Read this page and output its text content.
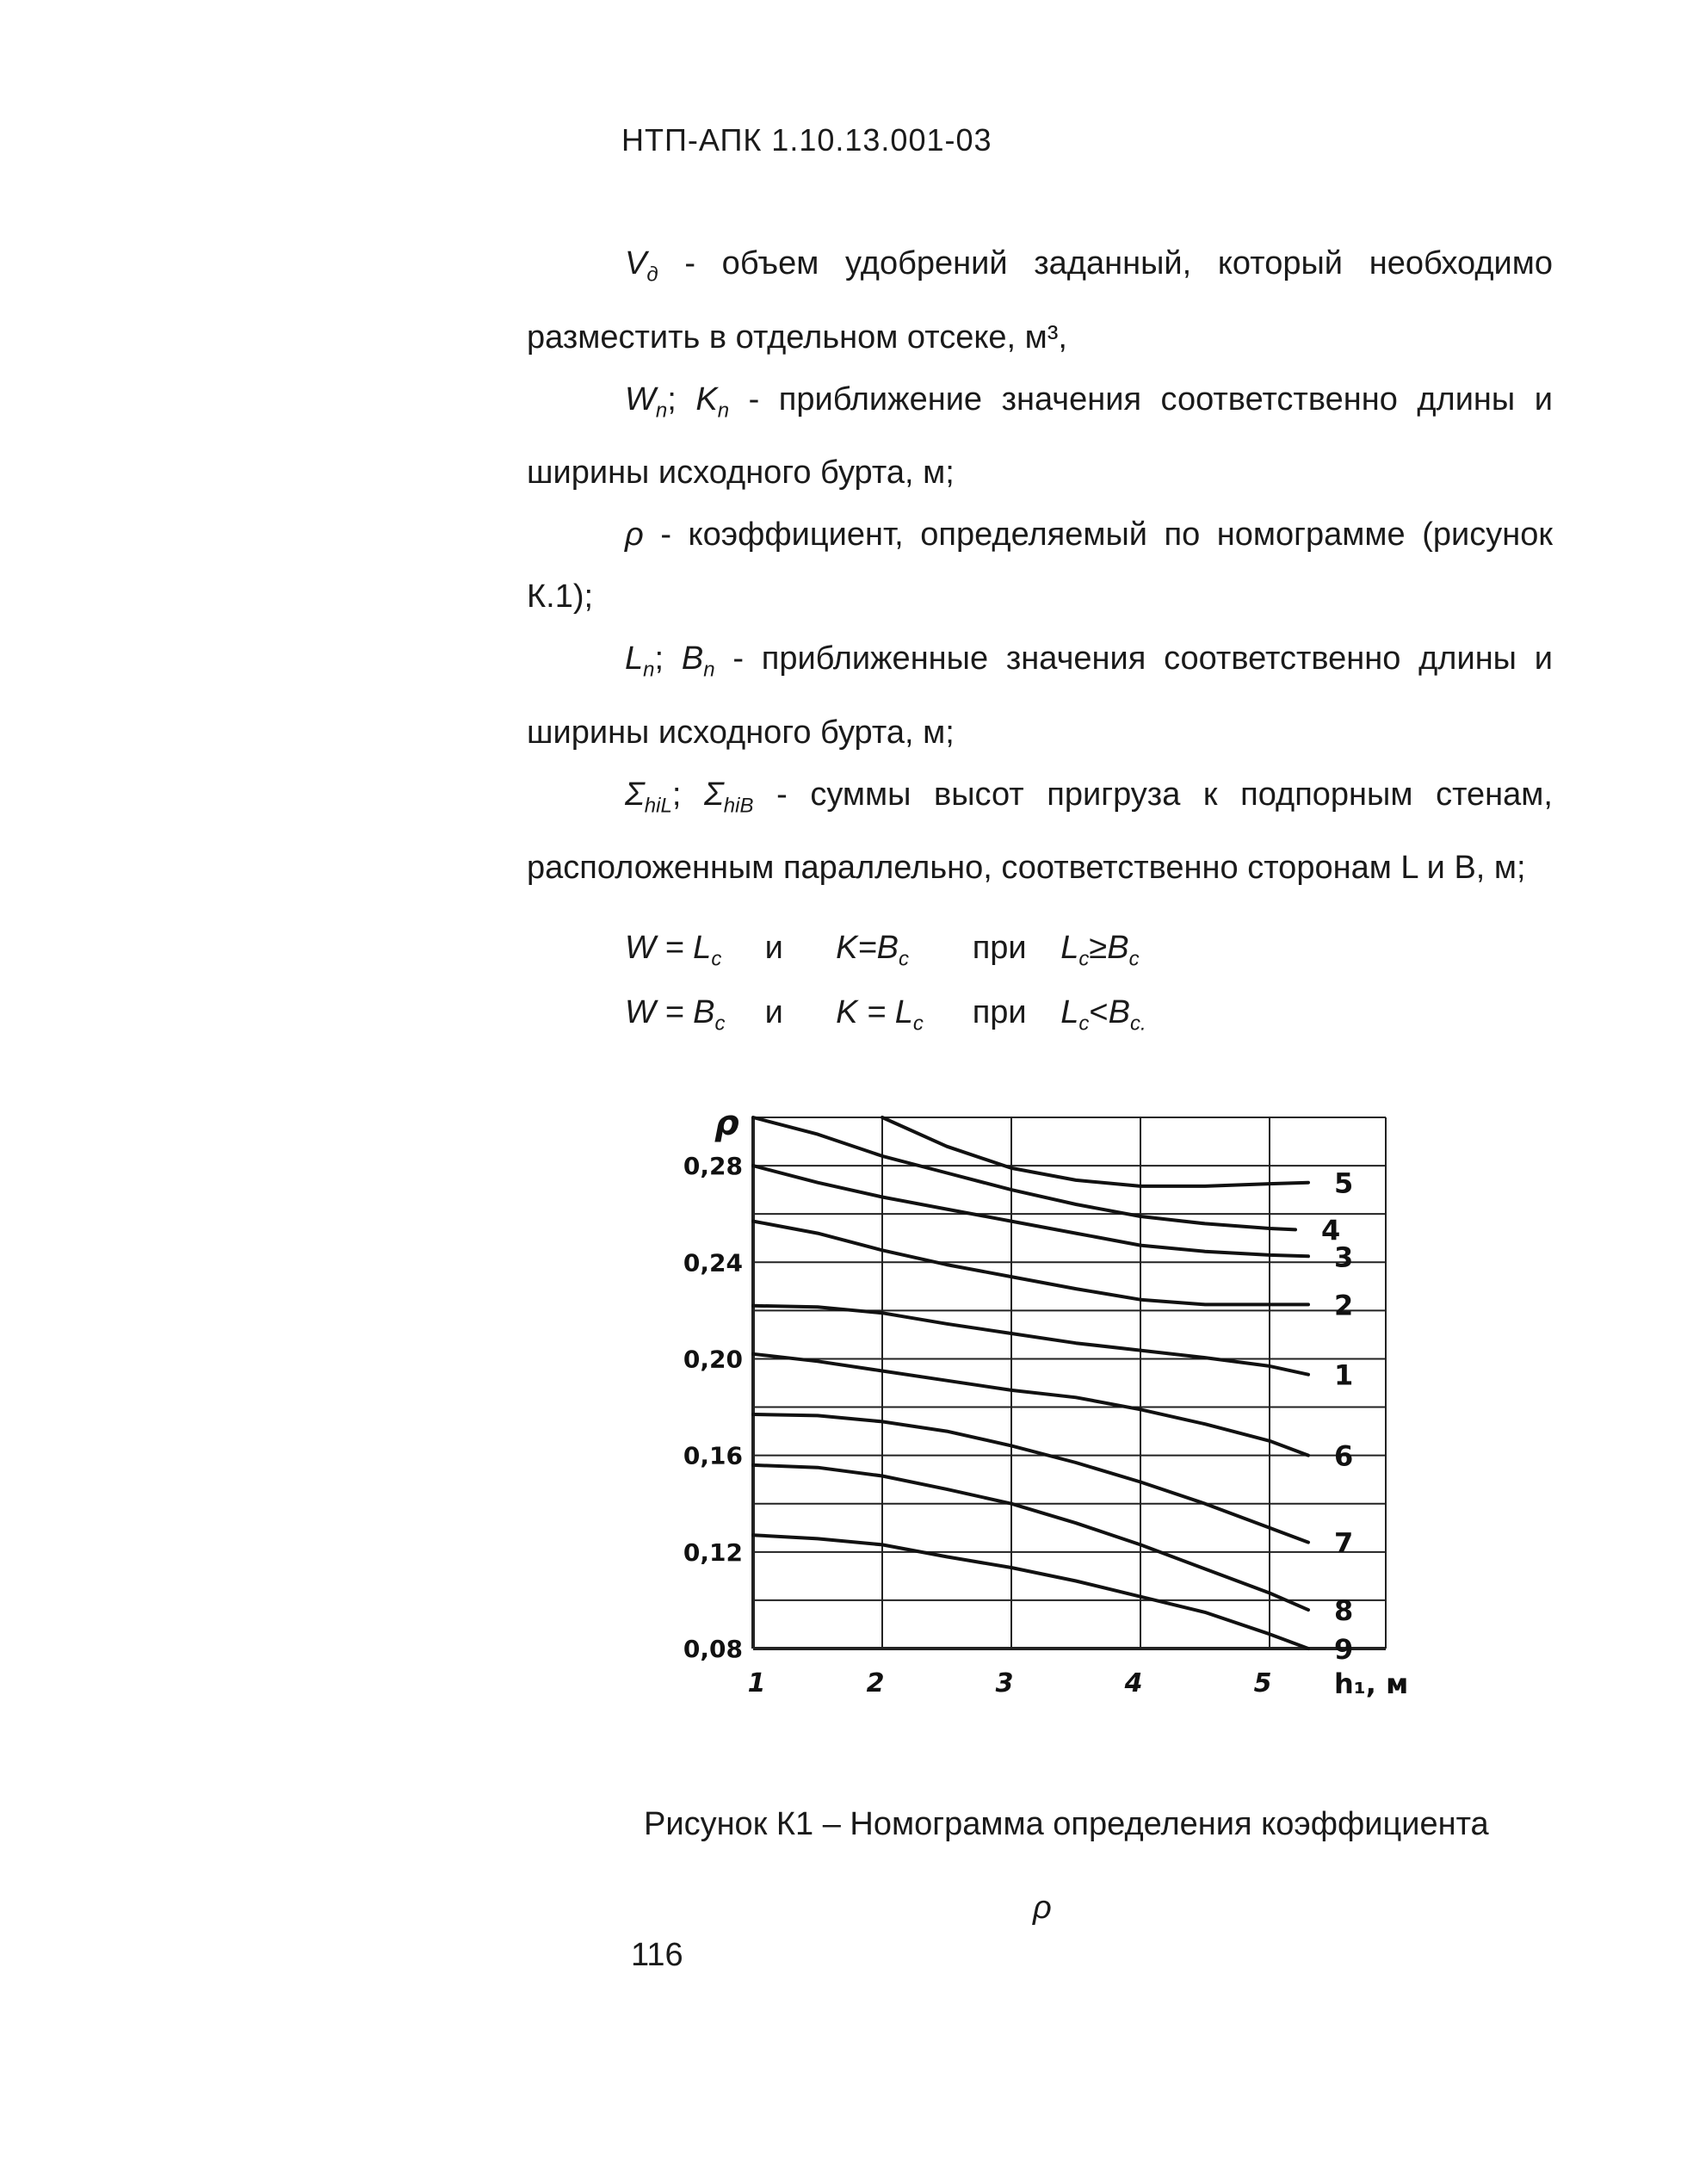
НТП-АПК 1.10.13.001-03

$V_д$ - объем удобрений заданный, который необходимо разместить в отдельном отсеке, м³,

$W_n$; $K_n$ - приближение значения соответственно длины и ширины исходного бурта, м;

ρ - коэффициент, определяемый по номограмме (рисунок К.1);

$L_n$; $B_n$ - приближенные значения соответственно длины и ширины исходного бурта, м;

$\Sigma_{hiL}$; $\Sigma_{hiB}$ - суммы высот пригруза к подпорным стенам, расположенным параллельно, соответственно сторонам L и B, м;

$W = L_c$ и $K=B_c$ при $L_c\ge B_c$
$W = B_c$ и $K = L_c$ при $L_c<B_{c.}$
0,28
0,24
0,20
0,16
0,12
0,08
1	2	3	4	5
ρ
h₁, м
5
4
3
2
1
6
7
8
9
Рисунок К1 – Номограмма определения коэффициента
ρ
116
